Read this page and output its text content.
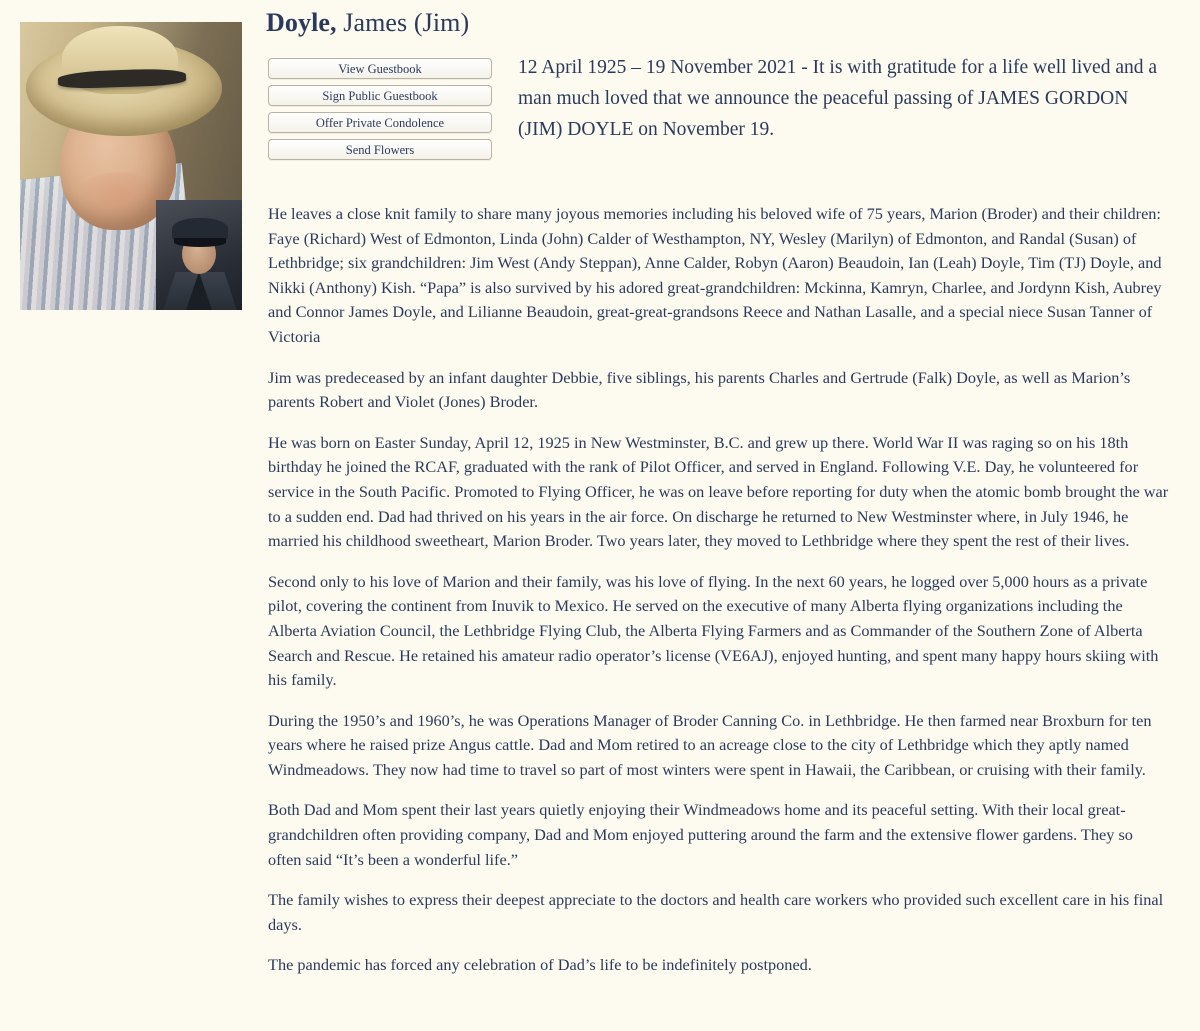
Doyle, James (Jim)
View Guestbook
Sign Public Guestbook
Offer Private Condolence
Send Flowers
12 April 1925 – 19 November 2021 - It is with gratitude for a life well lived and a man much loved that we announce the peaceful passing of JAMES GORDON (JIM) DOYLE on November 19.

He leaves a close knit family to share many joyous memories including his beloved wife of 75 years, Marion (Broder) and their children: Faye (Richard) West of Edmonton, Linda (John) Calder of Westhampton, NY, Wesley (Marilyn) of Edmonton, and Randal (Susan) of Lethbridge; six grandchildren: Jim West (Andy Steppan), Anne Calder, Robyn (Aaron) Beaudoin, Ian (Leah) Doyle, Tim (TJ) Doyle, and Nikki (Anthony) Kish. “Papa” is also survived by his adored great-grandchildren: Mckinna, Kamryn, Charlee, and Jordynn Kish, Aubrey and Connor James Doyle, and Lilianne Beaudoin, great-great-grandsons Reece and Nathan Lasalle, and a special niece Susan Tanner of Victoria

Jim was predeceased by an infant daughter Debbie, five siblings, his parents Charles and Gertrude (Falk) Doyle, as well as Marion’s parents Robert and Violet (Jones) Broder.

He was born on Easter Sunday, April 12, 1925 in New Westminster, B.C. and grew up there. World War II was raging so on his 18th birthday he joined the RCAF, graduated with the rank of Pilot Officer, and served in England. Following V.E. Day, he volunteered for service in the South Pacific. Promoted to Flying Officer, he was on leave before reporting for duty when the atomic bomb brought the war to a sudden end. Dad had thrived on his years in the air force. On discharge he returned to New Westminster where, in July 1946, he married his childhood sweetheart, Marion Broder. Two years later, they moved to Lethbridge where they spent the rest of their lives.

Second only to his love of Marion and their family, was his love of flying. In the next 60 years, he logged over 5,000 hours as a private pilot, covering the continent from Inuvik to Mexico. He served on the executive of many Alberta flying organizations including the Alberta Aviation Council, the Lethbridge Flying Club, the Alberta Flying Farmers and as Commander of the Southern Zone of Alberta Search and Rescue. He retained his amateur radio operator’s license (VE6AJ), enjoyed hunting, and spent many happy hours skiing with his family.

During the 1950’s and 1960’s, he was Operations Manager of Broder Canning Co. in Lethbridge. He then farmed near Broxburn for ten years where he raised prize Angus cattle. Dad and Mom retired to an acreage close to the city of Lethbridge which they aptly named Windmeadows. They now had time to travel so part of most winters were spent in Hawaii, the Caribbean, or cruising with their family.

Both Dad and Mom spent their last years quietly enjoying their Windmeadows home and its peaceful setting. With their local great-grandchildren often providing company, Dad and Mom enjoyed puttering around the farm and the extensive flower gardens. They so often said “It’s been a wonderful life.”

The family wishes to express their deepest appreciate to the doctors and health care workers who provided such excellent care in his final days.

The pandemic has forced any celebration of Dad’s life to be indefinitely postponed.
